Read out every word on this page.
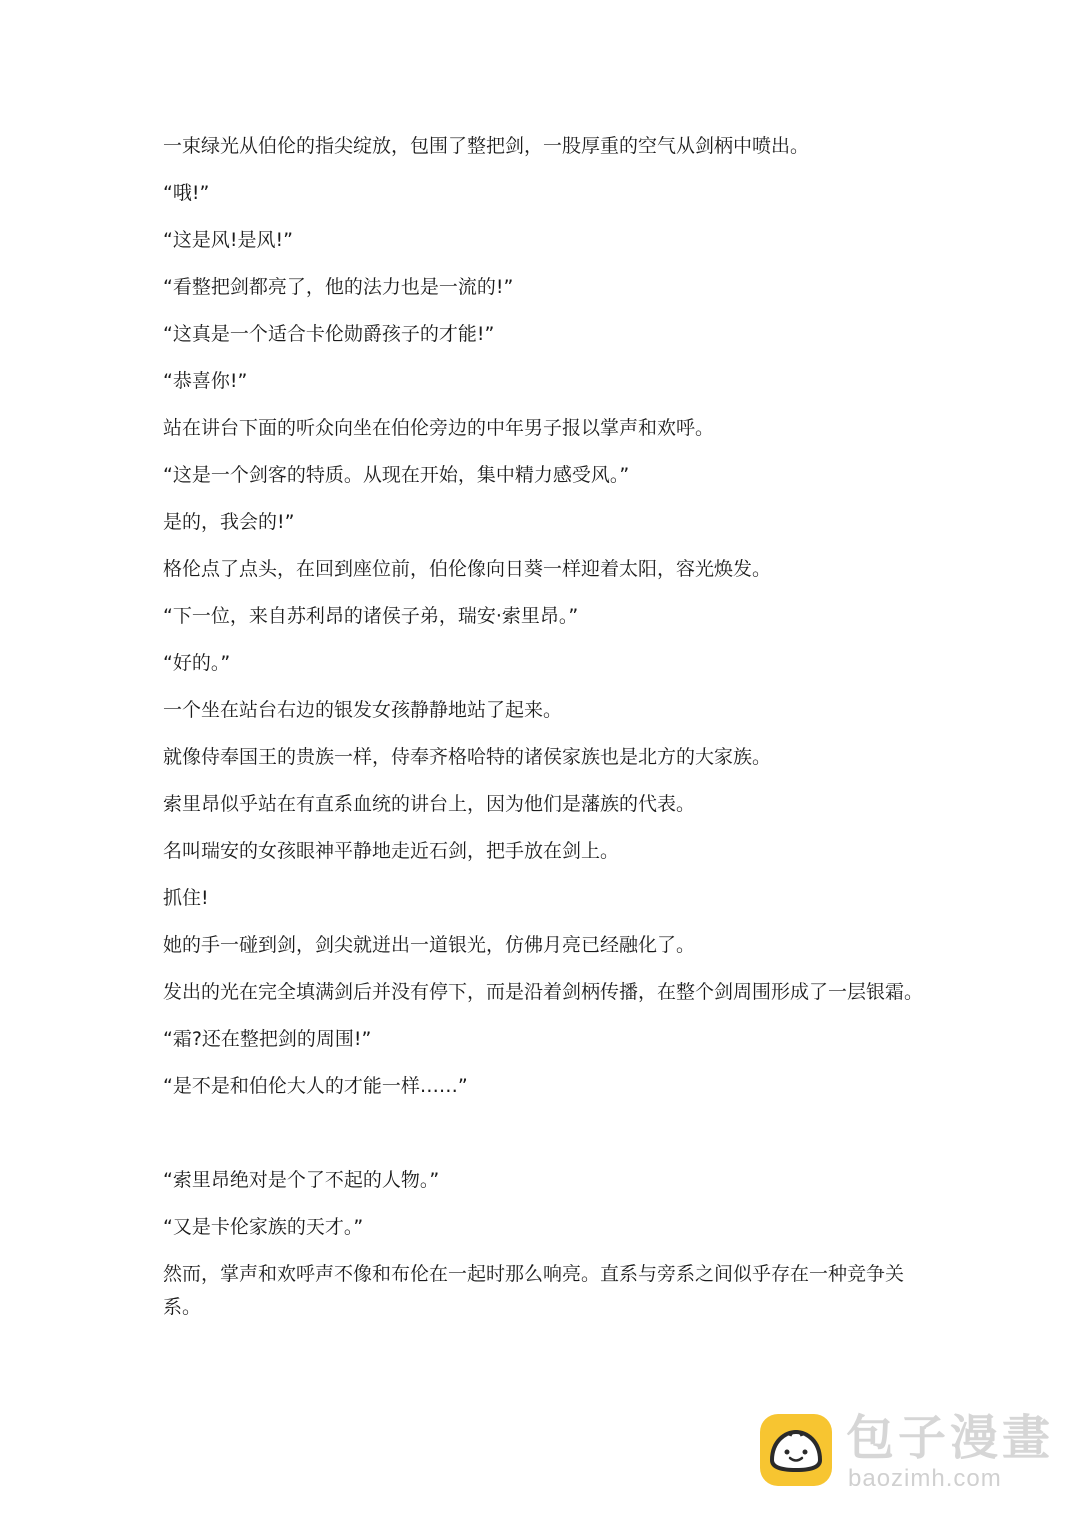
一束绿光从伯伦的指尖绽放，包围了整把剑，一股厚重的空气从剑柄中喷出。

“哦!”

“这是风!是风!”

“看整把剑都亮了，他的法力也是一流的!”

“这真是一个适合卡伦勋爵孩子的才能!”

“恭喜你!”

站在讲台下面的听众向坐在伯伦旁边的中年男子报以掌声和欢呼。

“这是一个剑客的特质。从现在开始，集中精力感受风。”

是的，我会的!”

格伦点了点头，在回到座位前，伯伦像向日葵一样迎着太阳，容光焕发。

“下一位，来自苏利昂的诸侯子弟，瑞安·索里昂。”

“好的。”

一个坐在站台右边的银发女孩静静地站了起来。

就像侍奉国王的贵族一样，侍奉齐格哈特的诸侯家族也是北方的大家族。

索里昂似乎站在有直系血统的讲台上，因为他们是藩族的代表。

名叫瑞安的女孩眼神平静地走近石剑，把手放在剑上。

抓住!

她的手一碰到剑，剑尖就迸出一道银光，仿佛月亮已经融化了。

发出的光在完全填满剑后并没有停下，而是沿着剑柄传播，在整个剑周围形成了一层银霜。

“霜?还在整把剑的周围!”

“是不是和伯伦大人的才能一样……”

“索里昂绝对是个了不起的人物。”

“又是卡伦家族的天才。”

然而，掌声和欢呼声不像和布伦在一起时那么响亮。直系与旁系之间似乎存在一种竞争关系。

包子漫畫
baozimh.com
